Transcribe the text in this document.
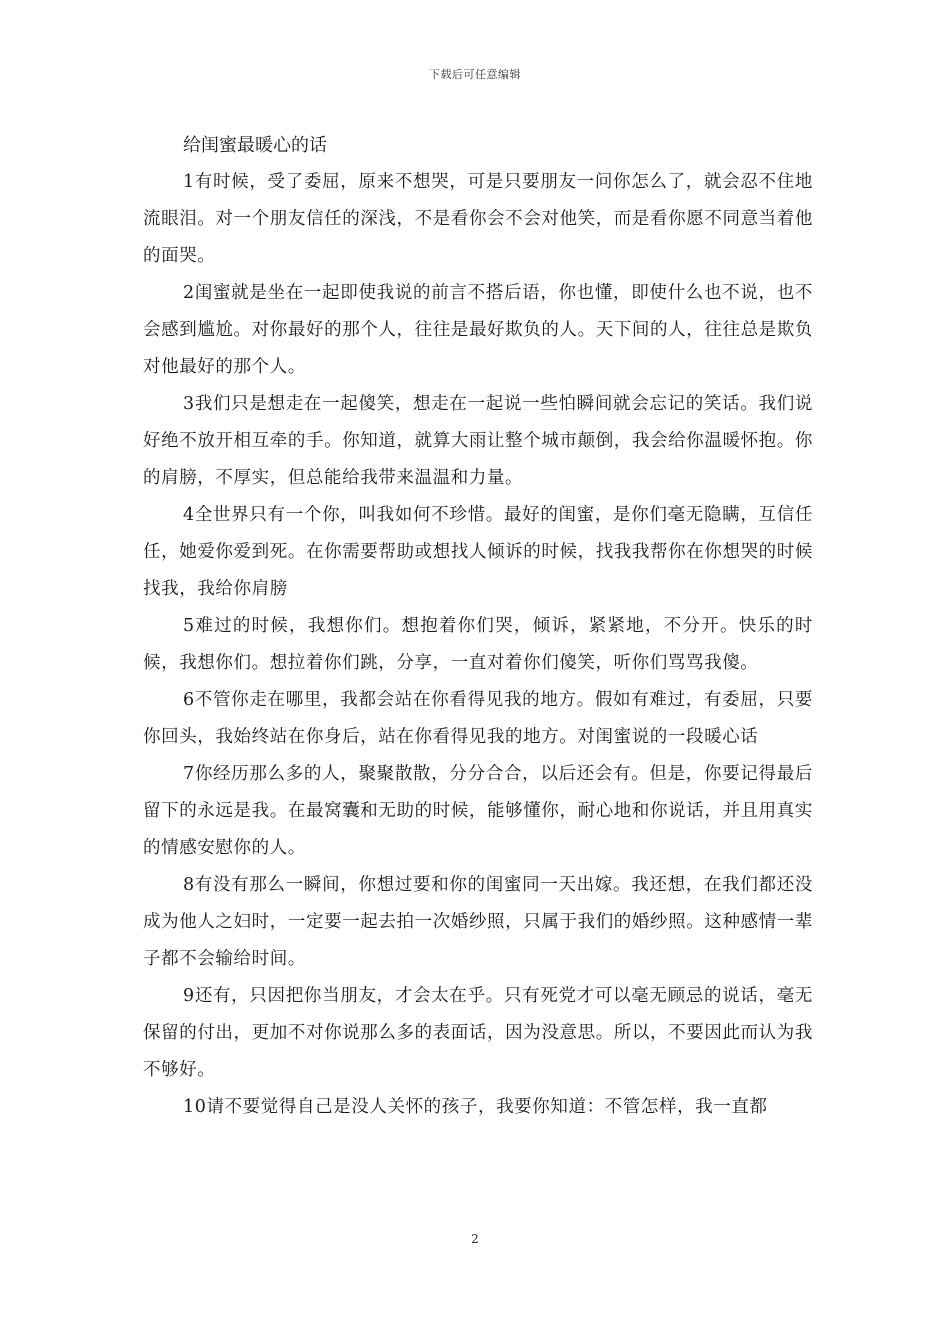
下载后可任意编辑

给闺蜜最暖心的话

1有时候，受了委屈，原来不想哭，可是只要朋友一问你怎么了，就会忍不住地流眼泪。对一个朋友信任的深浅，不是看你会不会对他笑，而是看你愿不同意当着他的面哭。

2闺蜜就是坐在一起即使我说的前言不搭后语，你也懂，即使什么也不说，也不会感到尴尬。对你最好的那个人，往往是最好欺负的人。天下间的人，往往总是欺负对他最好的那个人。

3我们只是想走在一起傻笑，想走在一起说一些怕瞬间就会忘记的笑话。我们说好绝不放开相互牵的手。你知道，就算大雨让整个城市颠倒，我会给你温暖怀抱。你的肩膀，不厚实，但总能给我带来温温和力量。

4全世界只有一个你，叫我如何不珍惜。最好的闺蜜，是你们毫无隐瞒，互信任任，她爱你爱到死。在你需要帮助或想找人倾诉的时候，找我我帮你在你想哭的时候找我，我给你肩膀

5难过的时候，我想你们。想抱着你们哭，倾诉，紧紧地，不分开。快乐的时候，我想你们。想拉着你们跳，分享，一直对着你们傻笑，听你们骂骂我傻。

6不管你走在哪里，我都会站在你看得见我的地方。假如有难过，有委屈，只要你回头，我始终站在你身后，站在你看得见我的地方。对闺蜜说的一段暖心话

7你经历那么多的人，聚聚散散，分分合合，以后还会有。但是，你要记得最后留下的永远是我。在最窝囊和无助的时候，能够懂你，耐心地和你说话，并且用真实的情感安慰你的人。

8有没有那么一瞬间，你想过要和你的闺蜜同一天出嫁。我还想，在我们都还没成为他人之妇时，一定要一起去拍一次婚纱照，只属于我们的婚纱照。这种感情一辈子都不会输给时间。

9还有，只因把你当朋友，才会太在乎。只有死党才可以毫无顾忌的说话，毫无保留的付出，更加不对你说那么多的表面话，因为没意思。所以，不要因此而认为我不够好。

10请不要觉得自己是没人关怀的孩子，我要你知道：不管怎样，我一直都

2
